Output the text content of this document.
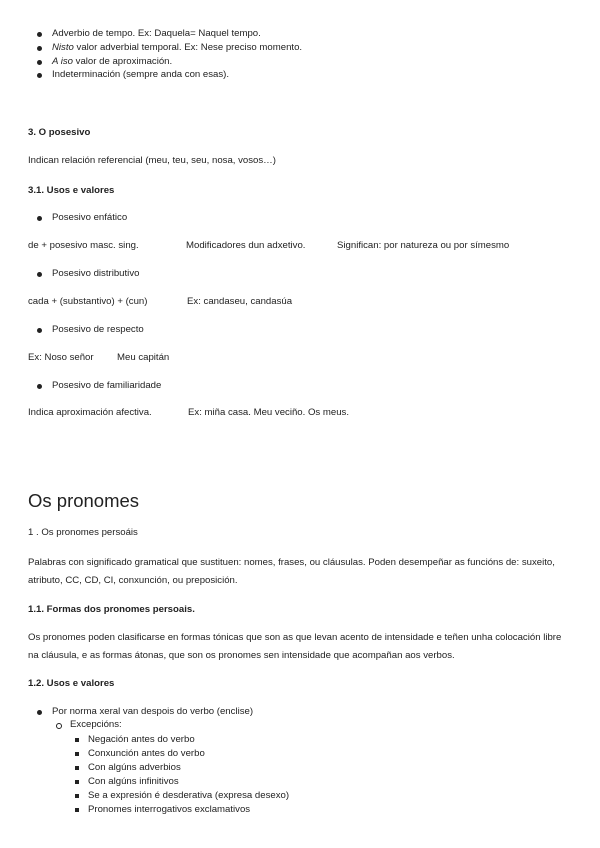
Adverbio de tempo. Ex: Daquela= Naquel tempo.
Nisto valor adverbial temporal. Ex: Nese preciso momento.
A iso valor de aproximación.
Indeterminación (sempre anda con esas).
3. O posesivo
Indican relación referencial (meu, teu, seu, nosa, vosos…)
3.1. Usos e valores
Posesivo enfático
de + posesivo masc. sing.	Modificadores dun adxetivo.	Significan: por natureza ou por símesmo
Posesivo distributivo
cada + (substantivo) + (cun)	Ex: candaseu, candasúa
Posesivo de respecto
Ex: Noso señor Meu capitán
Posesivo de familiaridade
Indica aproximación afectiva.	Ex: miña casa. Meu veciño. Os meus.
Os pronomes
1 . Os pronomes persoáis
Palabras con significado gramatical que sustituen: nomes, frases, ou cláusulas. Poden desempeñar as funcións de: suxeito, atributo, CC, CD, CI, conxunción, ou preposición.
1.1. Formas dos pronomes persoais.
Os pronomes poden clasificarse en formas tónicas que son as que levan acento de intensidade e teñen unha colocación libre na cláusula, e as formas átonas, que son os pronomes sen intensidade que acompañan aos verbos.
1.2. Usos e valores
Por norma xeral van despois do verbo (enclise)
Excepcións:
Negación antes do verbo
Conxunción antes do verbo
Con algúns adverbios
Con algúns infinitivos
Se a expresión é desderativa (expresa desexo)
Pronomes interrogativos exclamativos
